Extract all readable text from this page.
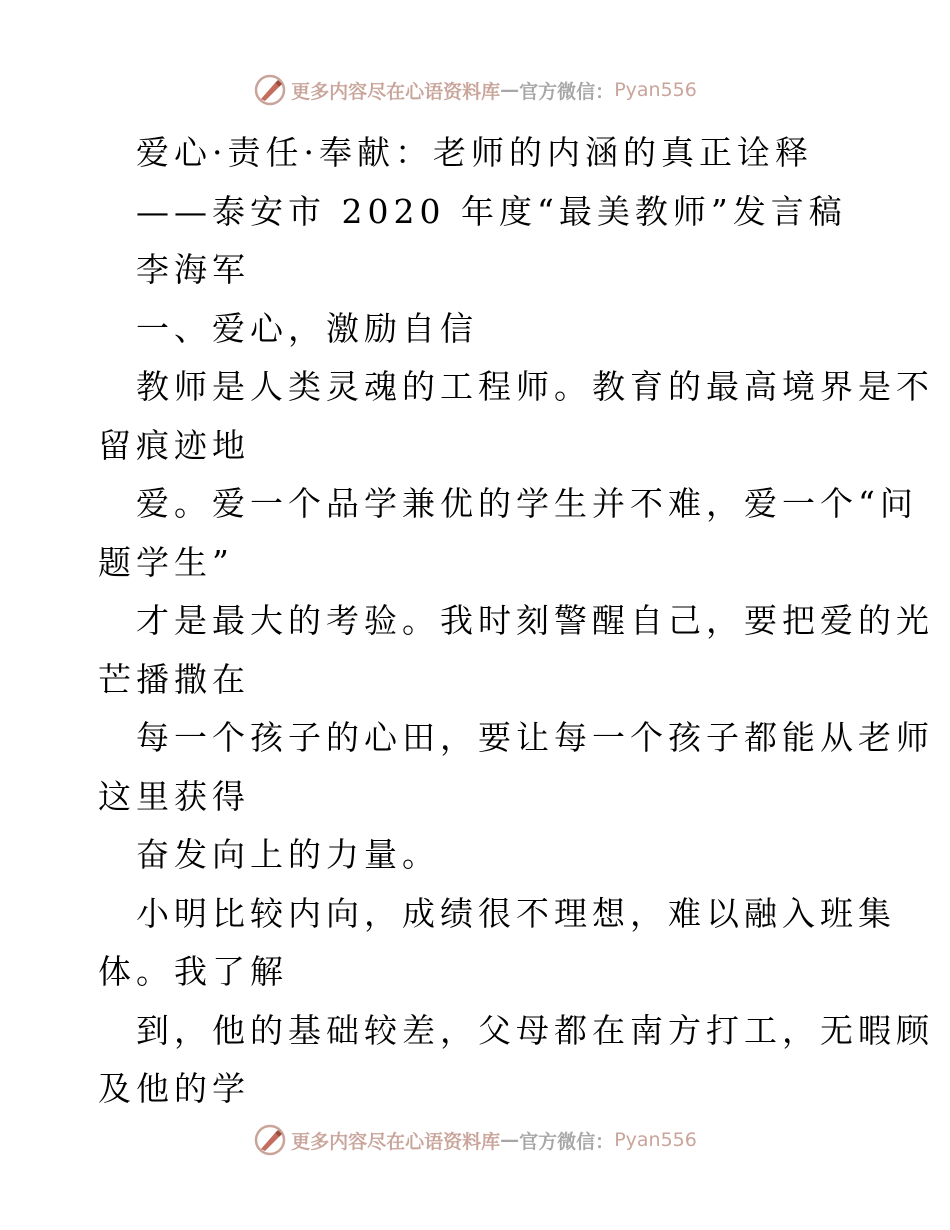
更多内容尽在心语资料库 — 官方微信： Pyan556
爱心·责任·奉献：老师的内涵的真正诠释
——泰安市 2020 年度“最美教师”发言稿
李海军
一、爱心，激励自信
教师是人类灵魂的工程师。教育的最高境界是不
留痕迹地
爱。爱一个品学兼优的学生并不难，爱一个“问
题学生”
才是最大的考验。我时刻警醒自己，要把爱的光
芒播撒在
每一个孩子的心田，要让每一个孩子都能从老师
这里获得
奋发向上的力量。
小明比较内向，成绩很不理想，难以融入班集
体。我了解
到，他的基础较差，父母都在南方打工，无暇顾
及他的学
更多内容尽在心语资料库 — 官方微信： Pyan556
